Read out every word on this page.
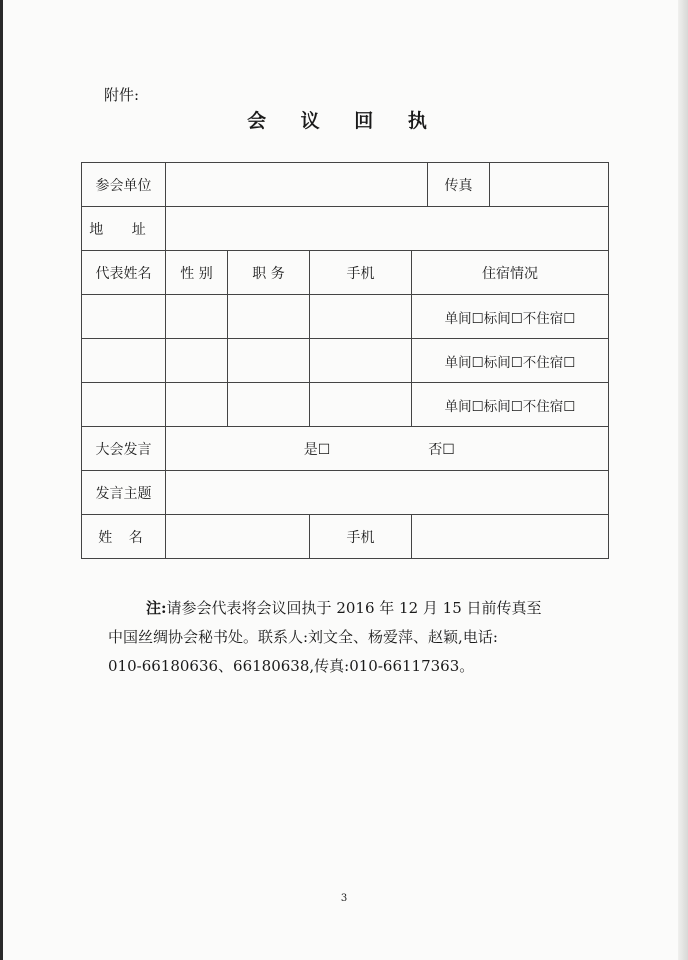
附件:
会 议 回 执
参会单位					传真	
地 址						
代表姓名	性 别	职 务	手机	住宿情况		
				单间☐标间☐不住宿☐		
				单间☐标间☐不住宿☐		
				单间☐标间☐不住宿☐		
大会发言	是☐ 否☐					
发言主题						
姓 名			手机			
注:请参会代表将会议回执于 2016 年 12 月 15 日前传真至
中国丝绸协会秘书处。联系人:刘文全、杨爱萍、赵颖,电话:
010-66180636、66180638,传真:010-66117363。
3
